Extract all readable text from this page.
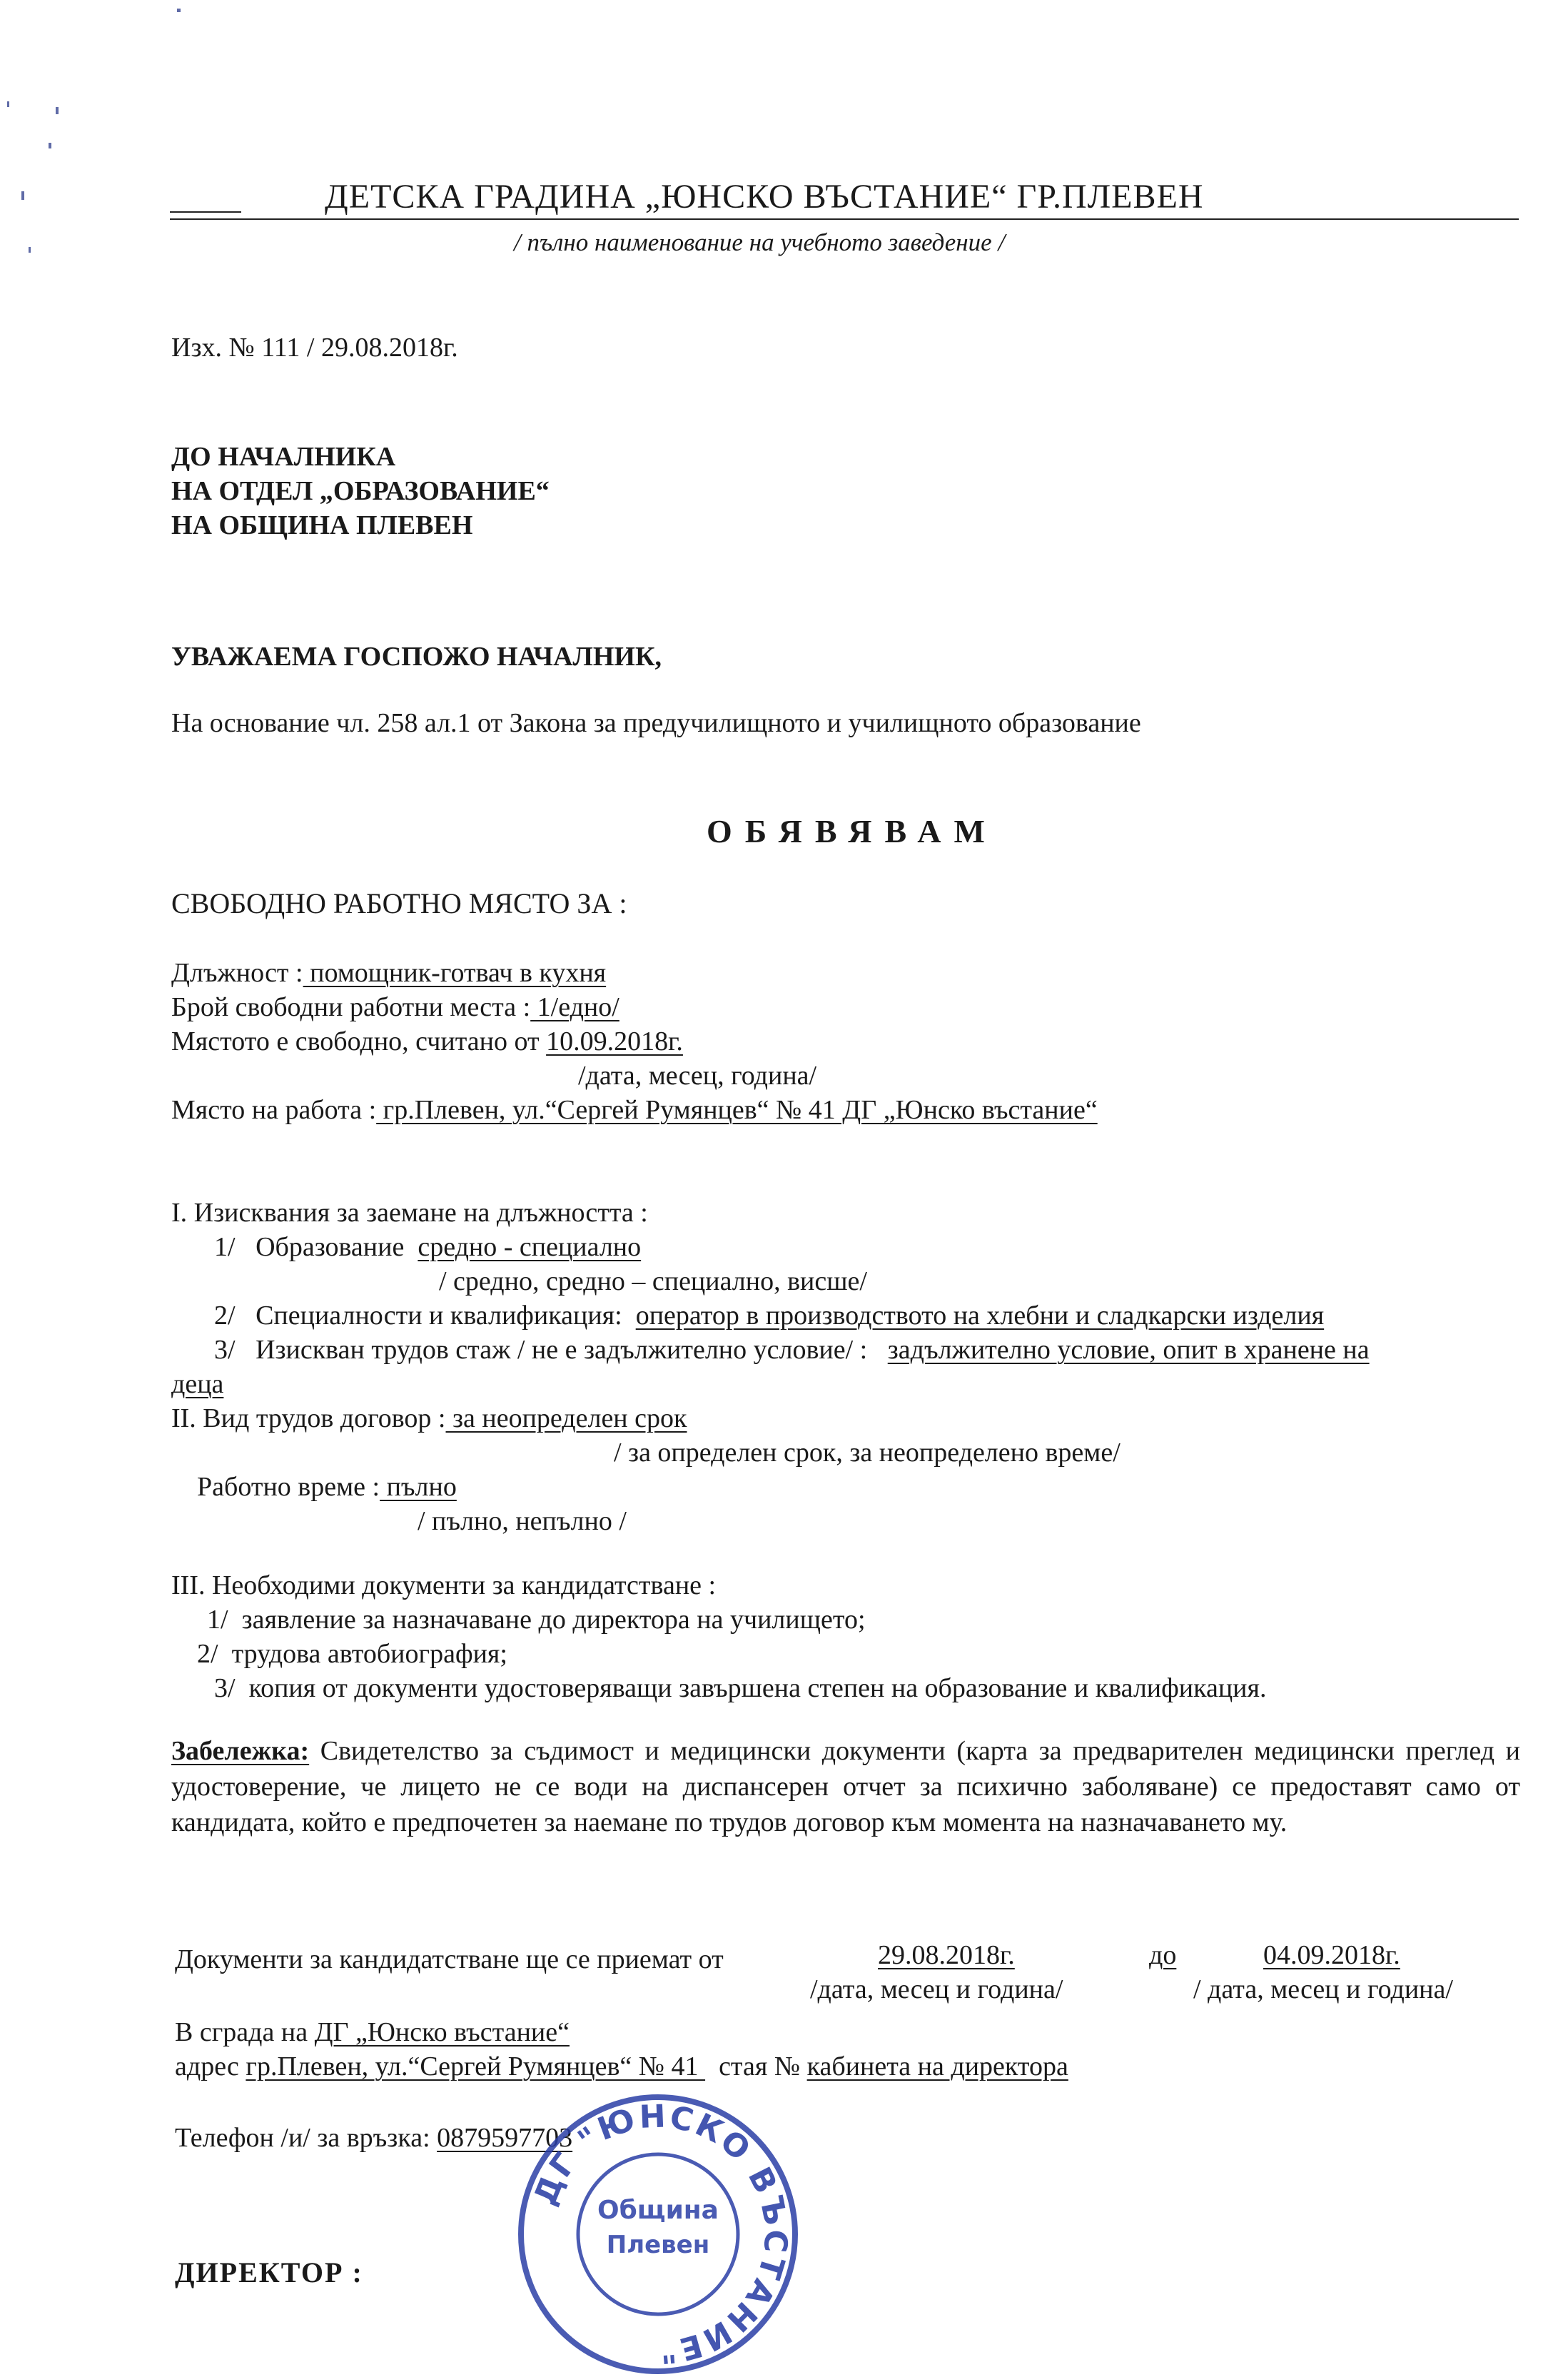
ДЕТСКА ГРАДИНА „ЮНСКО ВЪСТАНИЕ“ ГР.ПЛЕВЕН
/ пълно наименование на учебното заведение /
Изх. № 111 / 29.08.2018г.
ДО НАЧАЛНИКА
НА ОТДЕЛ „ОБРАЗОВАНИЕ“
НА ОБЩИНА ПЛЕВЕН
УВАЖАЕМА ГОСПОЖО НАЧАЛНИК,
На основание чл. 258 ал.1 от Закона за предучилищното и училищното образование
ОБЯВЯВАМ
СВОБОДНО РАБОТНО МЯСТО ЗА :
Длъжност : помощник-готвач в кухня
Брой свободни работни места : 1/едно/
Мястото е свободно, считано от 10.09.2018г.
/дата, месец, година/
Място на работа : гр.Плевен, ул.“Сергей Румянцев“ № 41 ДГ „Юнско въстание“
I. Изисквания за заемане на длъжността :
1/ Образование средно - специално
/ средно, средно – специално, висше/
2/ Специалности и квалификация: оператор в производството на хлебни и сладкарски изделия
3/ Изискван трудов стаж / не е задължително условие/ : задължително условие, опит в хранене на
деца
II. Вид трудов договор : за неопределен срок
/ за определен срок, за неопределено време/
Работно време : пълно
/ пълно, непълно /
III. Необходими документи за кандидатстване :
1/ заявление за назначаване до директора на училището;
2/ трудова автобиография;
3/ копия от документи удостоверяващи завършена степен на образование и квалификация.
Забележка: Свидетелство за съдимост и медицински документи (карта за предварителен медицински преглед и удостоверение, че лицето не се води на диспансерен отчет за психично заболяване) се предоставят само от кандидата, който е предпочетен за наемане по трудов договор към момента на назначаването му.
Документи за кандидатстване ще се приемат от	29.08.2018г.	до	04.09.2018г.
/дата, месец и година/	/ дата, месец и година/
В сграда на ДГ „Юнско въстание“
адрес гр.Плевен, ул.“Сергей Румянцев“ № 41   стая № кабинета на директора
Телефон /и/ за връзка: 0879597703
ДИРЕКТОР :
ДГ "ЮНСКО ВЪСТАНИЕ"
Община
Плевен
